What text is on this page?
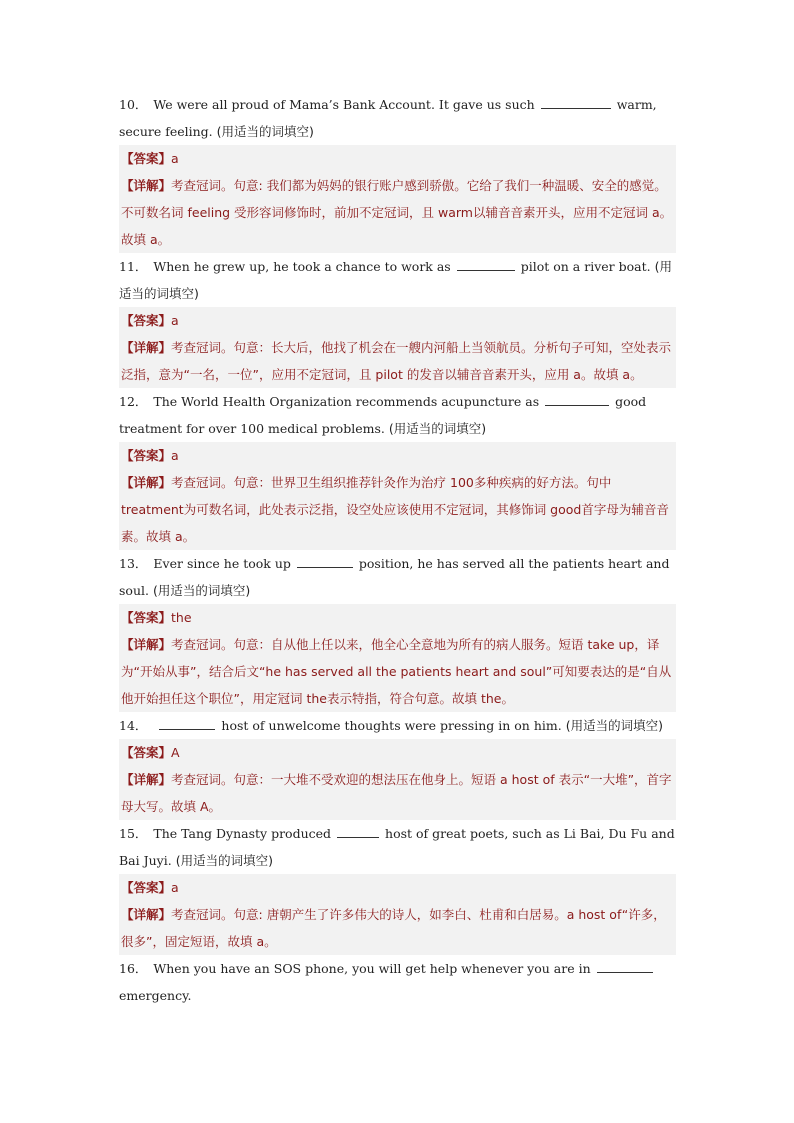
10． We were all proud of Mama’s Bank Account. It gave us such	warm, secure feeling. (用适当的词填空)

【答案】a

【详解】考查冠词。句意: 我们都为妈妈的银行账户感到骄傲。它给了我们一种温暖、安全的感觉。不可数名词 feeling 受形容词修饰时，前加不定冠词，且 warm以辅音音素开头，应用不定冠词 a。故填 a。

11． When he grew up, he took a chance to work as	pilot on a river boat. (用适当的词填空)

【答案】a

【详解】考查冠词。句意：长大后，他找了机会在一艘内河船上当领航员。分析句子可知，空处表示泛指，意为“一名，一位”，应用不定冠词，且 pilot 的发音以辅音音素开头，应用 a。故填 a。

12． The World Health Organization recommends acupuncture as	good treatment for over 100 medical problems. (用适当的词填空)

【答案】a

【详解】考查冠词。句意：世界卫生组织推荐针灸作为治疗 100多种疾病的好方法。句中 treatment为可数名词，此处表示泛指，设空处应该使用不定冠词，其修饰词 good首字母为辅音音素。故填 a。

13． Ever since he took up	position, he has served all the patients heart and soul. (用适当的词填空)

【答案】the

【详解】考查冠词。句意：自从他上任以来，他全心全意地为所有的病人服务。短语 take up，译为“开始从事”，结合后文“he has served all the patients heart and soul”可知要表达的是“自从他开始担任这个职位”，用定冠词 the表示特指，符合句意。故填 the。

14．	host of unwelcome thoughts were pressing in on him. (用适当的词填空)

【答案】A

【详解】考查冠词。句意：一大堆不受欢迎的想法压在他身上。短语 a host of 表示“一大堆”，首字母大写。故填 A。

15． The Tang Dynasty produced	host of great poets, such as Li Bai, Du Fu and Bai Juyi. (用适当的词填空)

【答案】a

【详解】考查冠词。句意: 唐朝产生了许多伟大的诗人，如李白、杜甫和白居易。a host of“许多，很多”，固定短语，故填 a。

16． When you have an SOS phone, you will get help whenever you are inemergency.
